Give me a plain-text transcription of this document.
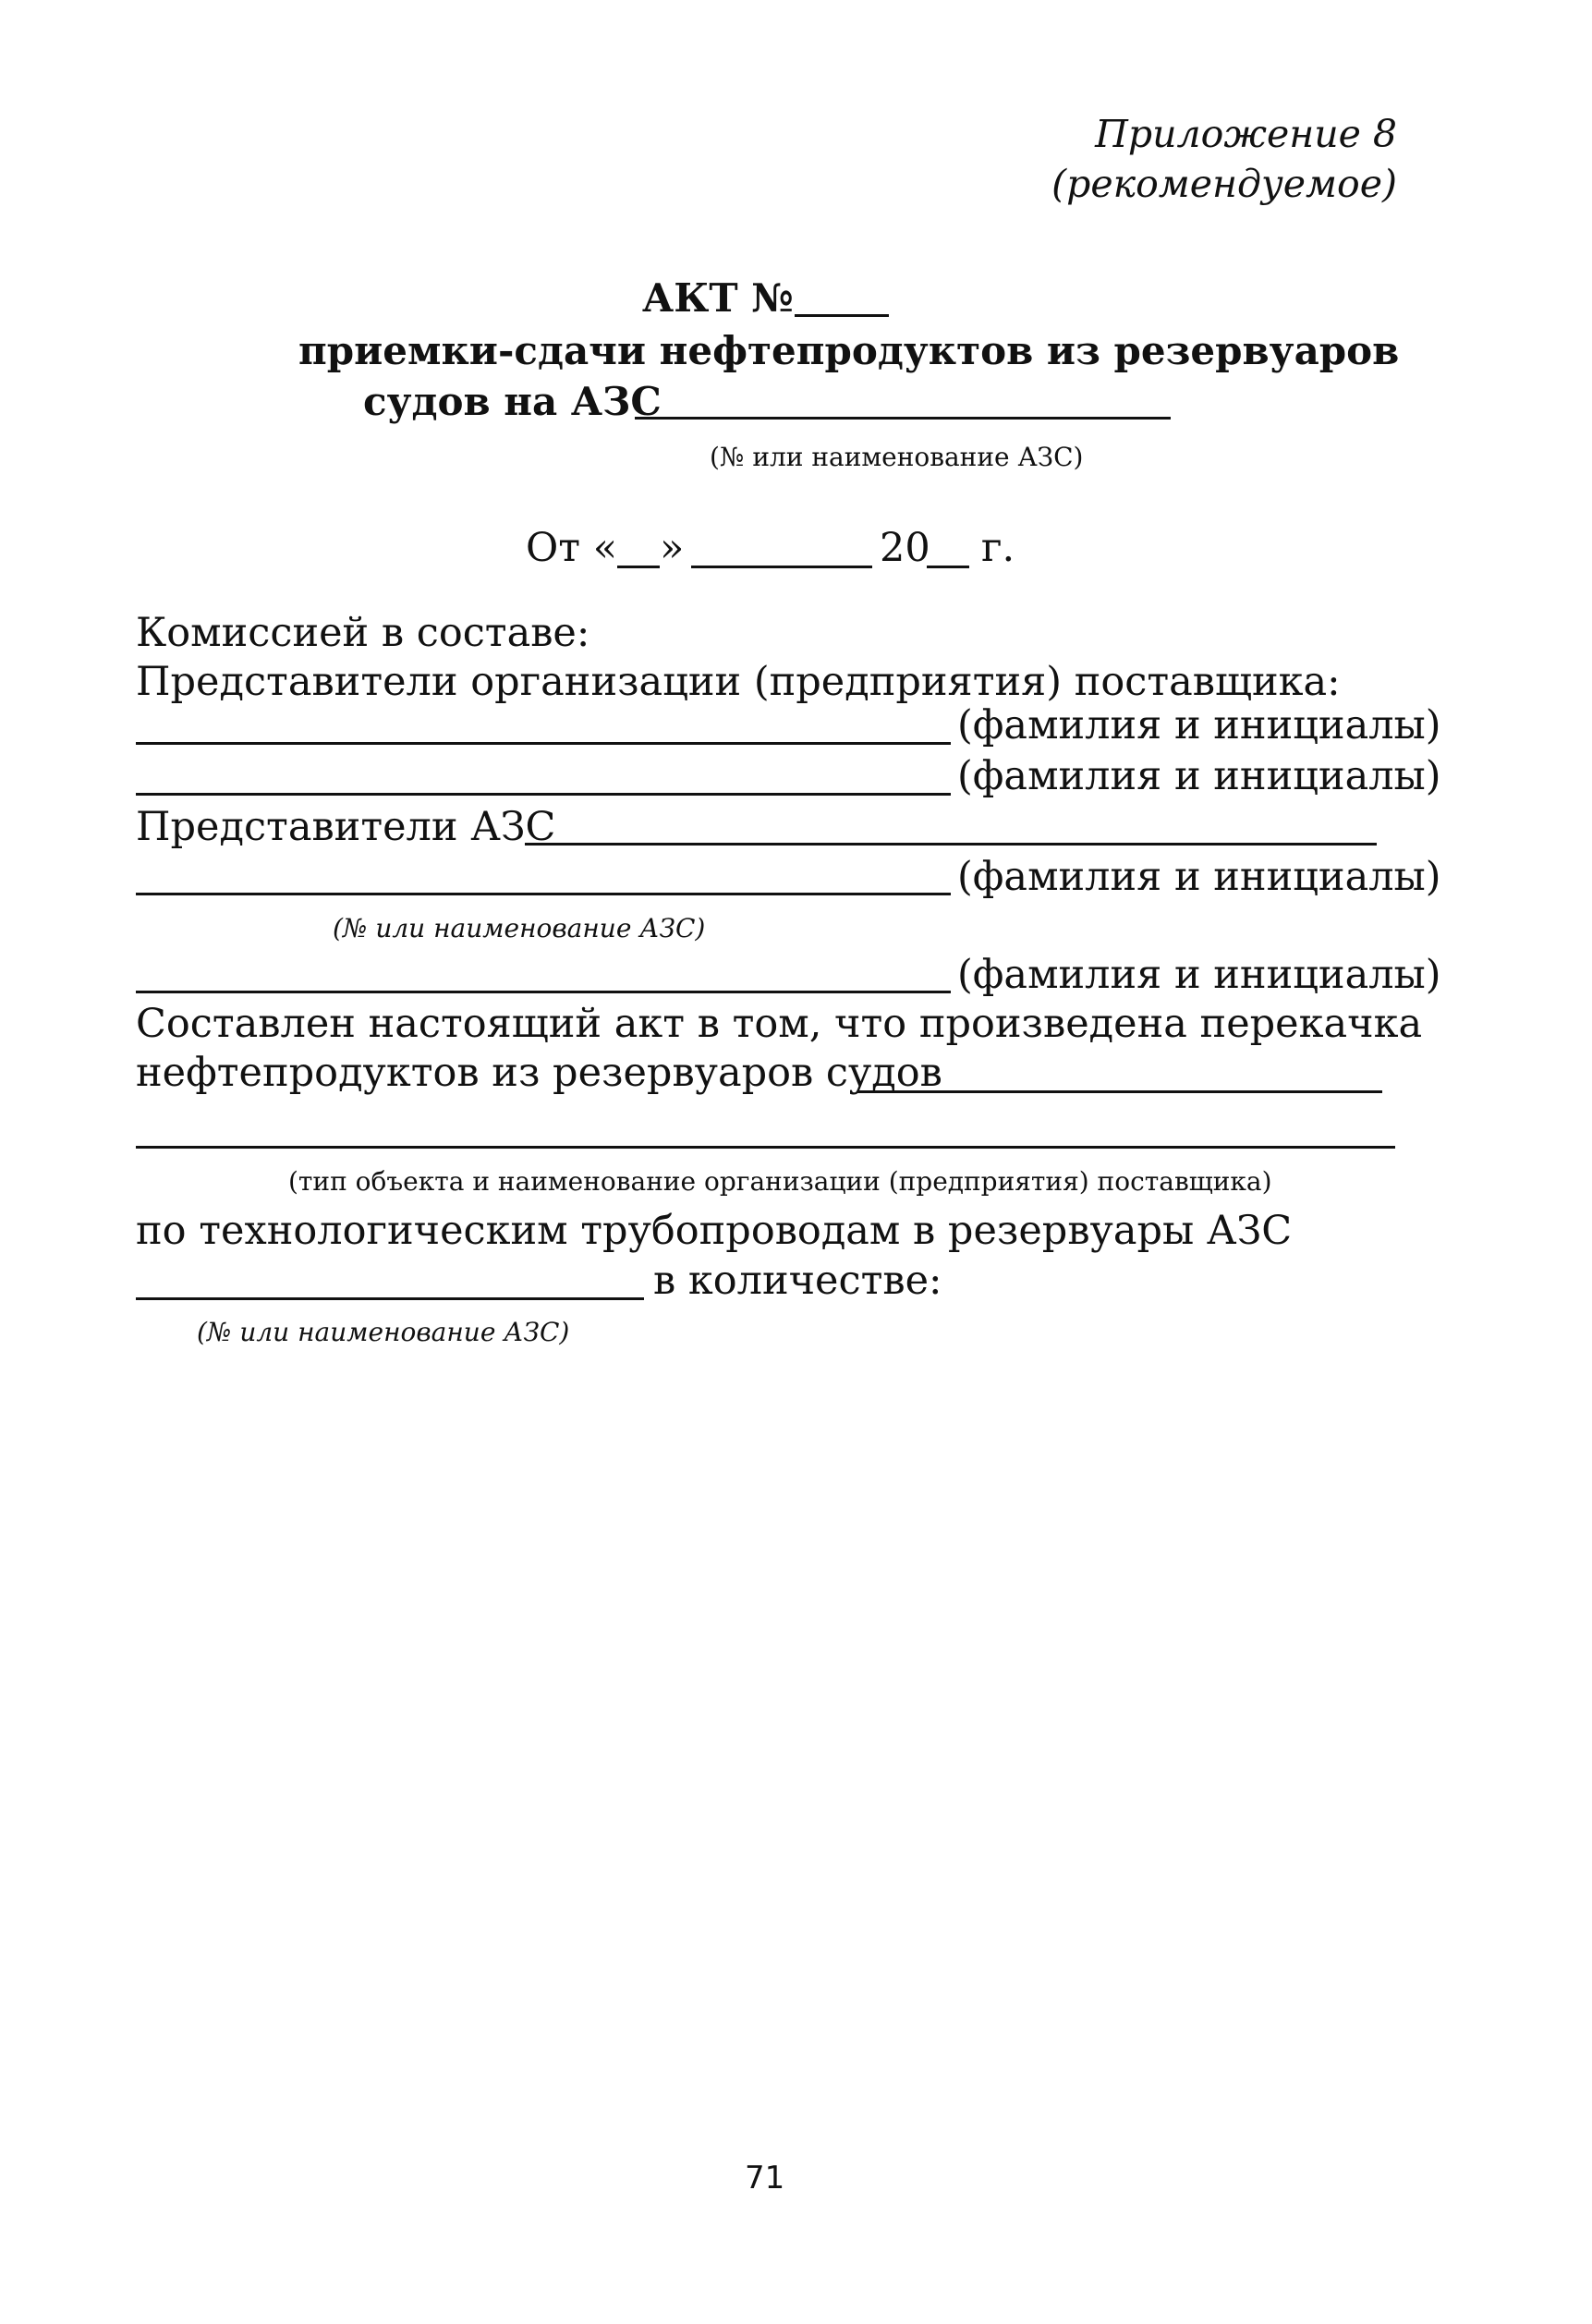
Приложение 8
(рекомендуемое)
АКТ №
приемки-сдачи нефтепродуктов из резервуаров
судов на АЗС
(№ или наименование АЗС)
От « »	20 г.
Комиссией в составе:
Представители организации (предприятия) поставщика:
(фамилия и инициалы)
(фамилия и инициалы)
Представители АЗС
(фамилия и инициалы)
(№ или наименование АЗС)
(фамилия и инициалы)
Составлен настоящий акт в том, что произведена перекачка
нефтепродуктов из резервуаров судов
(тип объекта и наименование организации (предприятия) поставщика)
по технологическим трубопроводам в резервуары АЗС
в количестве:
(№ или наименование АЗС)
71
